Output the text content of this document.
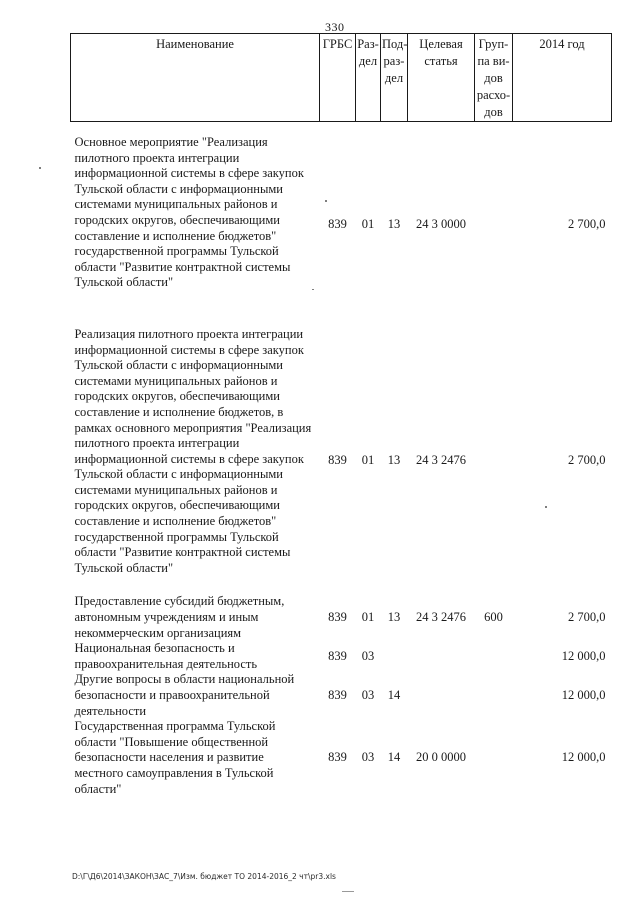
330
Наименование	ГРБС	Раз-дел	Под-раз-дел	Целевая статья	Груп-па ви-дов расхо-дов	2014 год
Основное мероприятие "Реализация пилотного проекта интеграции информационной системы в сфере закупок Тульской области с информационными системами муниципальных районов и городских округов, обеспечивающими составление и исполнение бюджетов" государственной программы Тульской области "Развитие контрактной системы Тульской области"	839	01	13	24 3 0000		2 700,0
Реализация пилотного проекта интеграции информационной системы в сфере закупок Тульской области с информационными системами муниципальных районов и городских округов, обеспечивающими составление и исполнение бюджетов, в рамках основного мероприятия "Реализация пилотного проекта интеграции информационной системы в сфере закупок Тульской области с информационными системами муниципальных районов и городских округов, обеспечивающими составление и исполнение бюджетов" государственной программы Тульской области "Развитие контрактной системы Тульской области"	839	01	13	24 3 2476		2 700,0
Предоставление субсидий бюджетным, автономным учреждениям и иным некоммерческим организациям	839	01	13	24 3 2476	600	2 700,0
Национальная безопасность и правоохранительная деятельность	839	03				12 000,0
Другие вопросы в области национальной безопасности и правоохранительной деятельности	839	03	14			12 000,0
Государственная программа Тульской области "Повышение общественной безопасности населения и развитие местного самоуправления в Тульской области"	839	03	14	20 0 0000		12 000,0
D:\Г\Д6\2014\ЗАКОН\ЗАС_7\Изм. бюджет ТО 2014-2016_2 чт\pr3.xls
